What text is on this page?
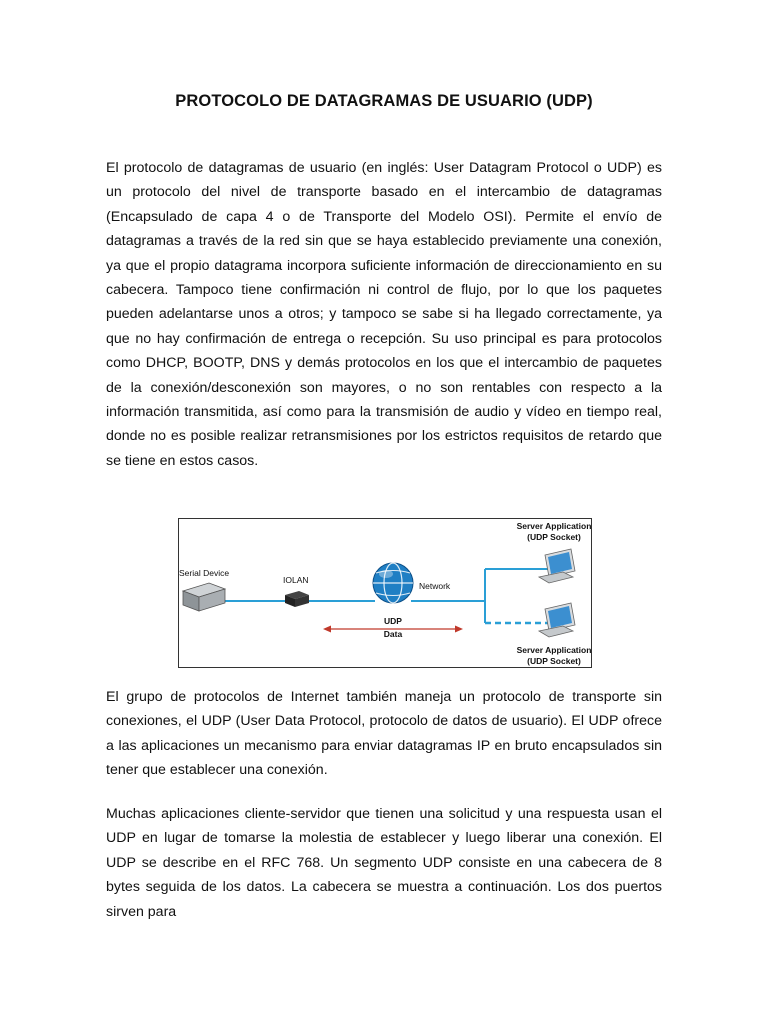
PROTOCOLO DE DATAGRAMAS DE USUARIO (UDP)

El protocolo de datagramas de usuario (en inglés: User Datagram Protocol o UDP) es un protocolo del nivel de transporte basado en el intercambio de datagramas (Encapsulado de capa 4 o de Transporte del Modelo OSI). Permite el envío de datagramas a través de la red sin que se haya establecido previamente una conexión, ya que el propio datagrama incorpora suficiente información de direccionamiento en su cabecera. Tampoco tiene confirmación ni control de flujo, por lo que los paquetes pueden adelantarse unos a otros; y tampoco se sabe si ha llegado correctamente, ya que no hay confirmación de entrega o recepción. Su uso principal es para protocolos como DHCP, BOOTP, DNS y demás protocolos en los que el intercambio de paquetes de la conexión/desconexión son mayores, o no son rentables con respecto a la información transmitida, así como para la transmisión de audio y vídeo en tiempo real, donde no es posible realizar retransmisiones por los estrictos requisitos de retardo que se tiene en estos casos.

Serial Device
IOLAN
Network
UDP
Data
Server Application
(UDP Socket)
Server Application
(UDP Socket)

El grupo de protocolos de Internet también maneja un protocolo de transporte sin conexiones, el UDP (User Data Protocol, protocolo de datos de usuario). El UDP ofrece a las aplicaciones un mecanismo para enviar datagramas IP en bruto encapsulados sin tener que establecer una conexión.

Muchas aplicaciones cliente-servidor que tienen una solicitud y una respuesta usan el UDP en lugar de tomarse la molestia de establecer y luego liberar una conexión. El UDP se describe en el RFC 768. Un segmento UDP consiste en una cabecera de 8 bytes seguida de los datos. La cabecera se muestra a continuación. Los dos puertos sirven para
